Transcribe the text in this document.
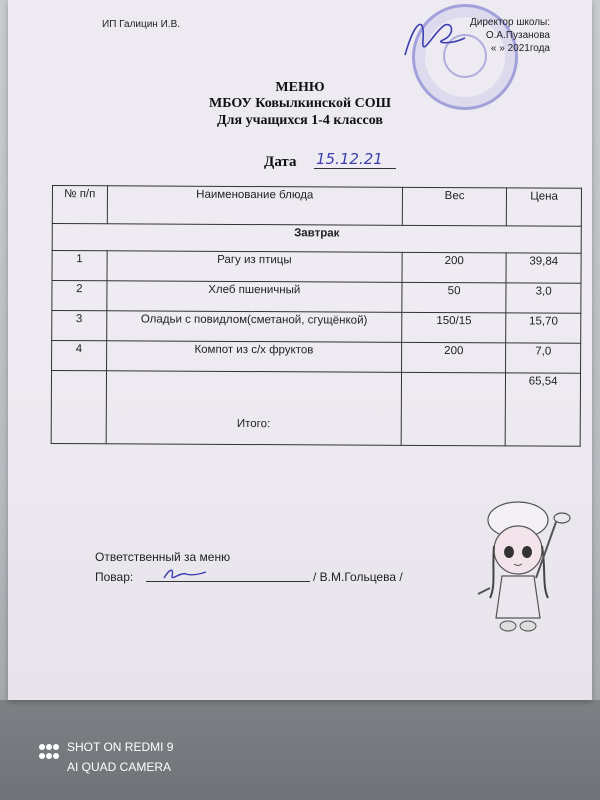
ИП Галицин И.В.	Директор школы:
О.А.Пузанова
« » 2021года
МЕНЮ
МБОУ Ковылкинской СОШ
Для учащихся 1-4 классов
Дата 15.12.21
№ п/п	Наименование блюда	Вес	Цена
Завтрак			
1	Рагу из птицы	200	39,84
2	Хлеб пшеничный	50	3,0
3	Оладьи с повидлом(сметаной, сгущёнкой)	150/15	15,70
4	Компот из с/х фруктов	200	7,0
	Итого:		65,54
Ответственный за меню
Повар:	/ В.М.Гольцева /
SHOT ON REDMI 9
AI QUAD CAMERA
